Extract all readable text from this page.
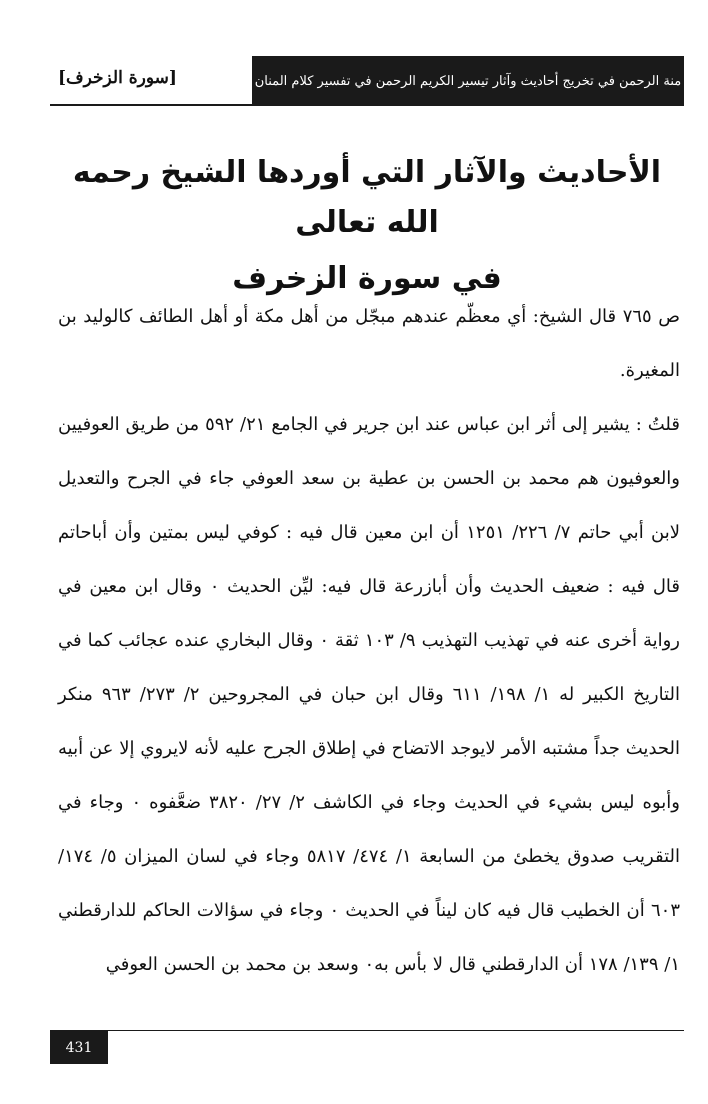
منة الرحمن في تخريج أحاديث وآثار تيسير الكريم الرحمن في تفسير كلام المنان
[سورة الزخرف]
الأحاديث والآثار التي أوردها الشيخ رحمه الله تعالى
في سورة الزخرف

ص ٧٦٥ قال الشيخ: أي معظّم عندهم مبجّل من أهل مكة أو أهل الطائف كالوليد بن المغيرة.

قلتُ : يشير إلى أثر ابن عباس عند ابن جرير في الجامع ٢١/ ٥٩٢ من طريق العوفيين والعوفيون هم محمد بن الحسن بن عطية بن سعد العوفي جاء في الجرح والتعديل لابن أبي حاتم ٧/ ٢٢٦/ ١٢٥١ أن ابن معين قال فيه : كوفي ليس بمتين وأن أباحاتم قال فيه : ضعيف الحديث وأن أبازرعة قال فيه: ليِّن الحديث ٠ وقال ابن معين في رواية أخرى عنه في تهذيب التهذيب ٩/ ١٠٣ ثقة ٠ وقال البخاري عنده عجائب كما في التاريخ الكبير له ١/ ١٩٨/ ٦١١ وقال ابن حبان في المجروحين ٢/ ٢٧٣/ ٩٦٣ منكر الحديث جداً مشتبه الأمر لايوجد الاتضاح في إطلاق الجرح عليه لأنه لايروي إلا عن أبيه وأبوه ليس بشيء في الحديث وجاء في الكاشف ٢/ ٢٧/ ٣٨٢٠ ضعَّفوه ٠ وجاء في التقريب صدوق يخطئ من السابعة ١/ ٤٧٤/ ٥٨١٧ وجاء في لسان الميزان ٥/ ١٧٤/ ٦٠٣ أن الخطيب قال فيه كان ليناً في الحديث ٠ وجاء في سؤالات الحاكم للدارقطني ١/ ١٣٩/ ١٧٨ أن الدارقطني قال لا بأس به٠ وسعد بن محمد بن الحسن العوفي

431
